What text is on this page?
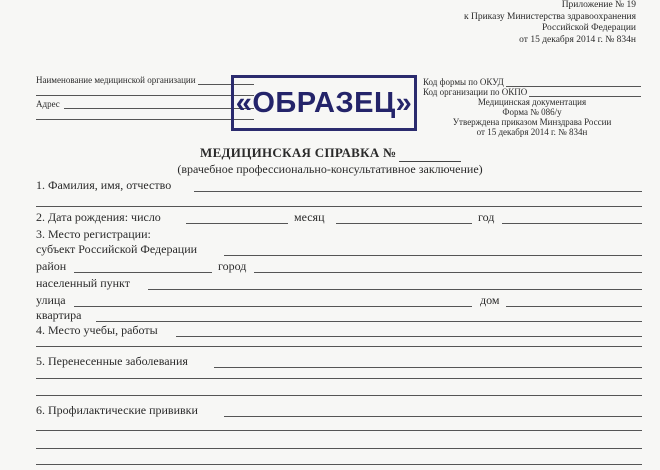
Приложение № 19
к Приказу Министерства здравоохранения
Российской Федерации
от 15 декабря 2014 г. № 834н
Наименование медицинской организации
Адрес	«ОБРАЗЕЦ»
Код формы по ОКУД
Код организации по ОКПО
Медицинская документация
Форма № 086/у
Утверждена приказом Минздрава России
от 15 декабря 2014 г. № 834н
МЕДИЦИНСКАЯ СПРАВКА №
(врачебное профессионально-консультативное заключение)
1. Фамилия, имя, отчество
2. Дата рождения: число	месяц	год
3. Место регистрации:
субъект Российской Федерации
район	город
населенный пункт
улица	дом
квартира
4. Место учебы, работы
5. Перенесенные заболевания
6. Профилактические прививки
